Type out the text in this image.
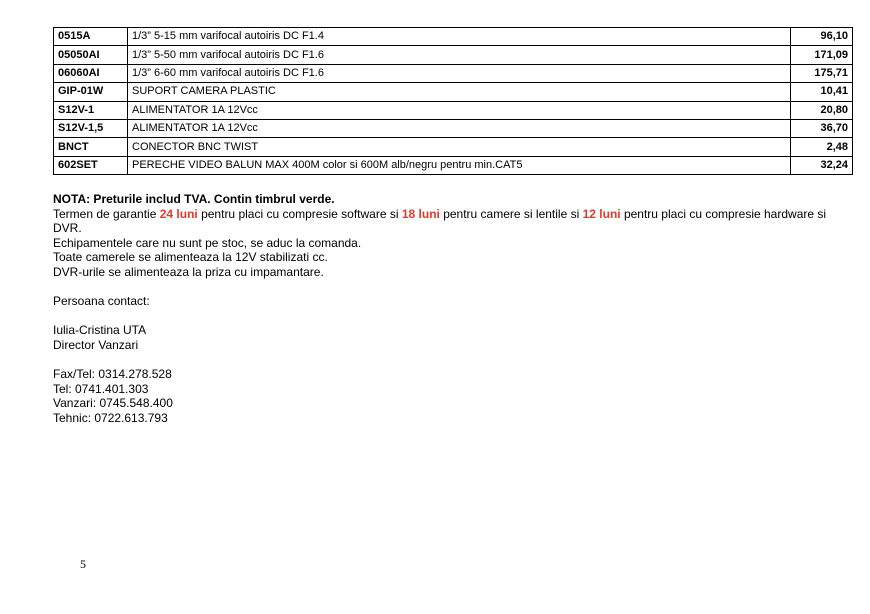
0515A	1/3” 5-15 mm varifocal autoiris DC F1.4	96,10
05050AI	1/3” 5-50 mm varifocal autoiris DC F1.6	171,09
06060AI	1/3” 6-60 mm varifocal autoiris DC F1.6	175,71
GIP-01W	SUPORT CAMERA PLASTIC	10,41
S12V-1	ALIMENTATOR 1A 12Vcc	20,80
S12V-1,5	ALIMENTATOR 1A 12Vcc	36,70
BNCT	CONECTOR BNC TWIST	2,48
602SET	PERECHE VIDEO BALUN MAX 400M color si 600M alb/negru pentru min.CAT5	32,24

NOTA: Preturile includ TVA. Contin timbrul verde.

Termen de garantie 24 luni pentru placi cu compresie software si 18 luni pentru camere si lentile si 12 luni pentru placi cu compresie hardware si DVR.

Echipamentele care nu sunt pe stoc, se aduc la comanda.

Toate camerele se alimenteaza la 12V stabilizati cc.

DVR-urile se alimenteaza la priza cu impamantare.

Persoana contact:

Iulia-Cristina UTA

Director Vanzari

Fax/Tel: 0314.278.528

Tel: 0741.401.303

Vanzari: 0745.548.400

Tehnic: 0722.613.793

5
